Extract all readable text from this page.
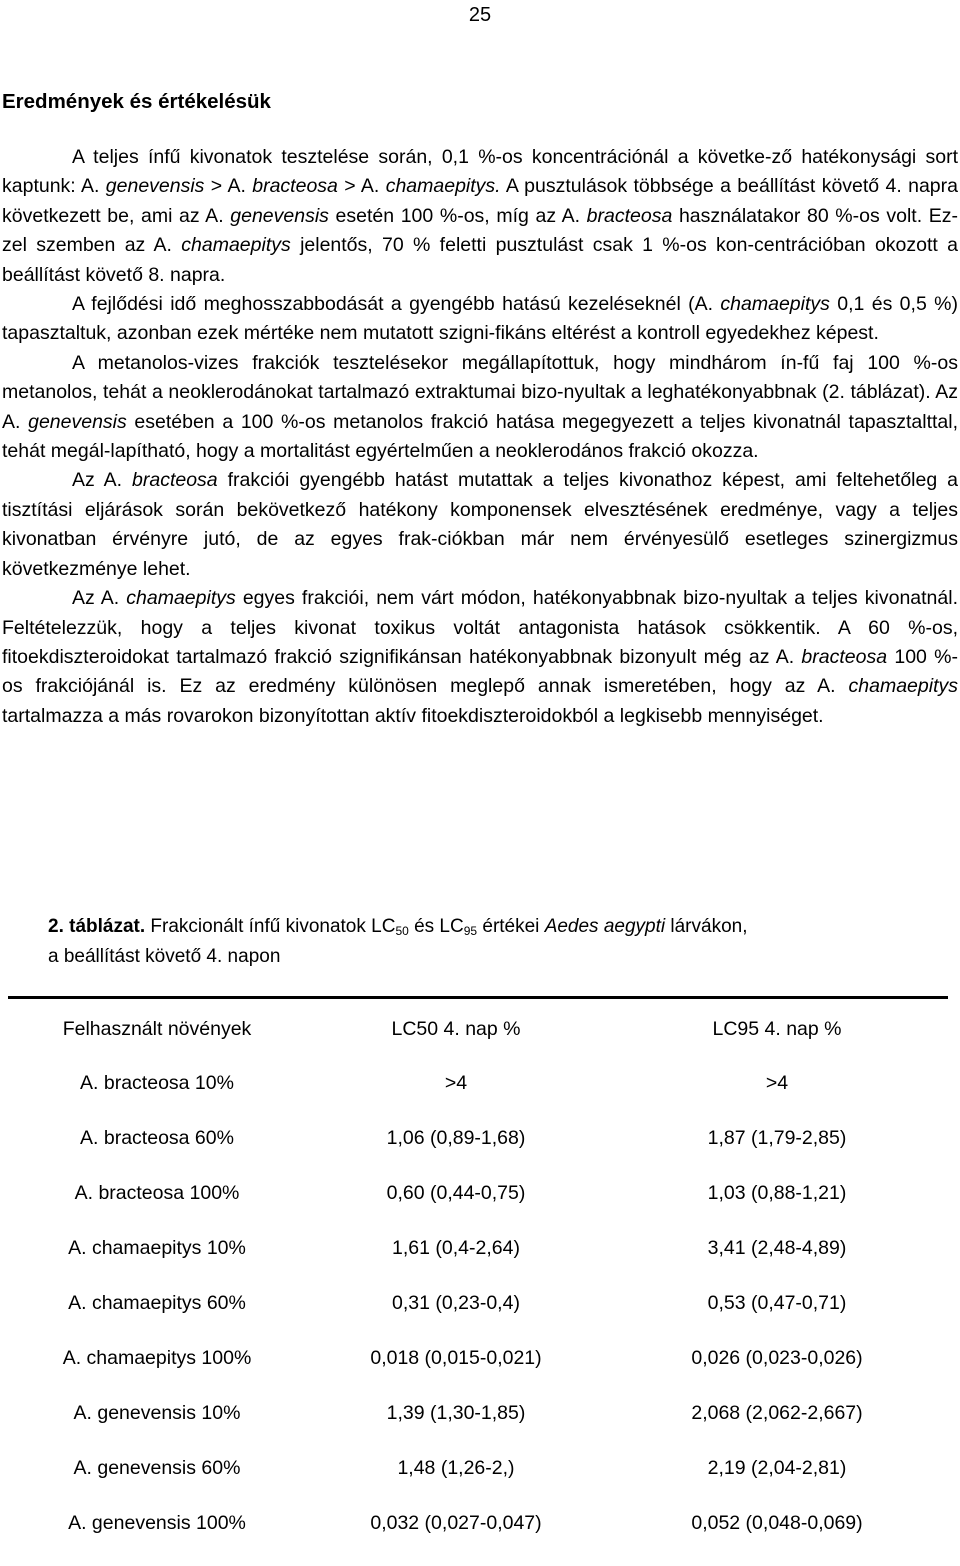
25
Eredmények és értékelésük

A teljes ínfű kivonatok tesztelése során, 0,1 %-os koncentrációnál a követke-ző hatékonysági sort kaptunk: A. genevensis > A. bracteosa > A. chamaepitys. A pusztulások többsége a beállítást követő 4. napra következett be, ami az A. genevensis esetén 100 %-os, míg az A. bracteosa használatakor 80 %-os volt. Ez-zel szemben az A. chamaepitys jelentős, 70 % feletti pusztulást csak 1 %-os kon-centrációban okozott a beállítást követő 8. napra.

A fejlődési idő meghosszabbodását a gyengébb hatású kezeléseknél (A. chamaepitys 0,1 és 0,5 %) tapasztaltuk, azonban ezek mértéke nem mutatott szigni-fikáns eltérést a kontroll egyedekhez képest.

A metanolos-vizes frakciók tesztelésekor megállapítottuk, hogy mindhárom ín-fű faj 100 %-os metanolos, tehát a neoklerodánokat tartalmazó extraktumai bizo-nyultak a leghatékonyabbnak (2. táblázat). Az A. genevensis esetében a 100 %-os metanolos frakció hatása megegyezett a teljes kivonatnál tapasztalttal, tehát megál-lapítható, hogy a mortalitást egyértelműen a neoklerodános frakció okozza.

Az A. bracteosa frakciói gyengébb hatást mutattak a teljes kivonathoz képest, ami feltehetőleg a tisztítási eljárások során bekövetkező hatékony komponensek elvesztésének eredménye, vagy a teljes kivonatban érvényre jutó, de az egyes frak-ciókban már nem érvényesülő esetleges szinergizmus következménye lehet.

Az A. chamaepitys egyes frakciói, nem várt módon, hatékonyabbnak bizo-nyultak a teljes kivonatnál. Feltételezzük, hogy a teljes kivonat toxikus voltát antagonista hatások csökkentik. A 60 %-os, fitoekdiszteroidokat tartalmazó frakció szignifikánsan hatékonyabbnak bizonyult még az A. bracteosa 100 %-os frakciójánál is. Ez az eredmény különösen meglepő annak ismeretében, hogy az A. chamaepitys tartalmazza a más rovarokon bizonyítottan aktív fitoekdiszteroidokból a legkisebb mennyiséget.

2. táblázat. Frakcionált ínfű kivonatok $LC_{50}$ és $LC_{95}$ értékei Aedes aegypti lárvákon,
a beállítást követő 4. napon
Felhasznált növények	LC50 4. nap %	LC95 4. nap %
A. bracteosa 10%	>4	>4
A. bracteosa 60%	1,06 (0,89-1,68)	1,87 (1,79-2,85)
A. bracteosa 100%	0,60 (0,44-0,75)	1,03 (0,88-1,21)
A. chamaepitys 10%	1,61 (0,4-2,64)	3,41 (2,48-4,89)
A. chamaepitys 60%	0,31 (0,23-0,4)	0,53 (0,47-0,71)
A. chamaepitys 100%	0,018 (0,015-0,021)	0,026 (0,023-0,026)
A. genevensis 10%	1,39 (1,30-1,85)	2,068 (2,062-2,667)
A. genevensis 60%	1,48 (1,26-2,)	2,19 (2,04-2,81)
A. genevensis 100%	0,032 (0,027-0,047)	0,052 (0,048-0,069)
